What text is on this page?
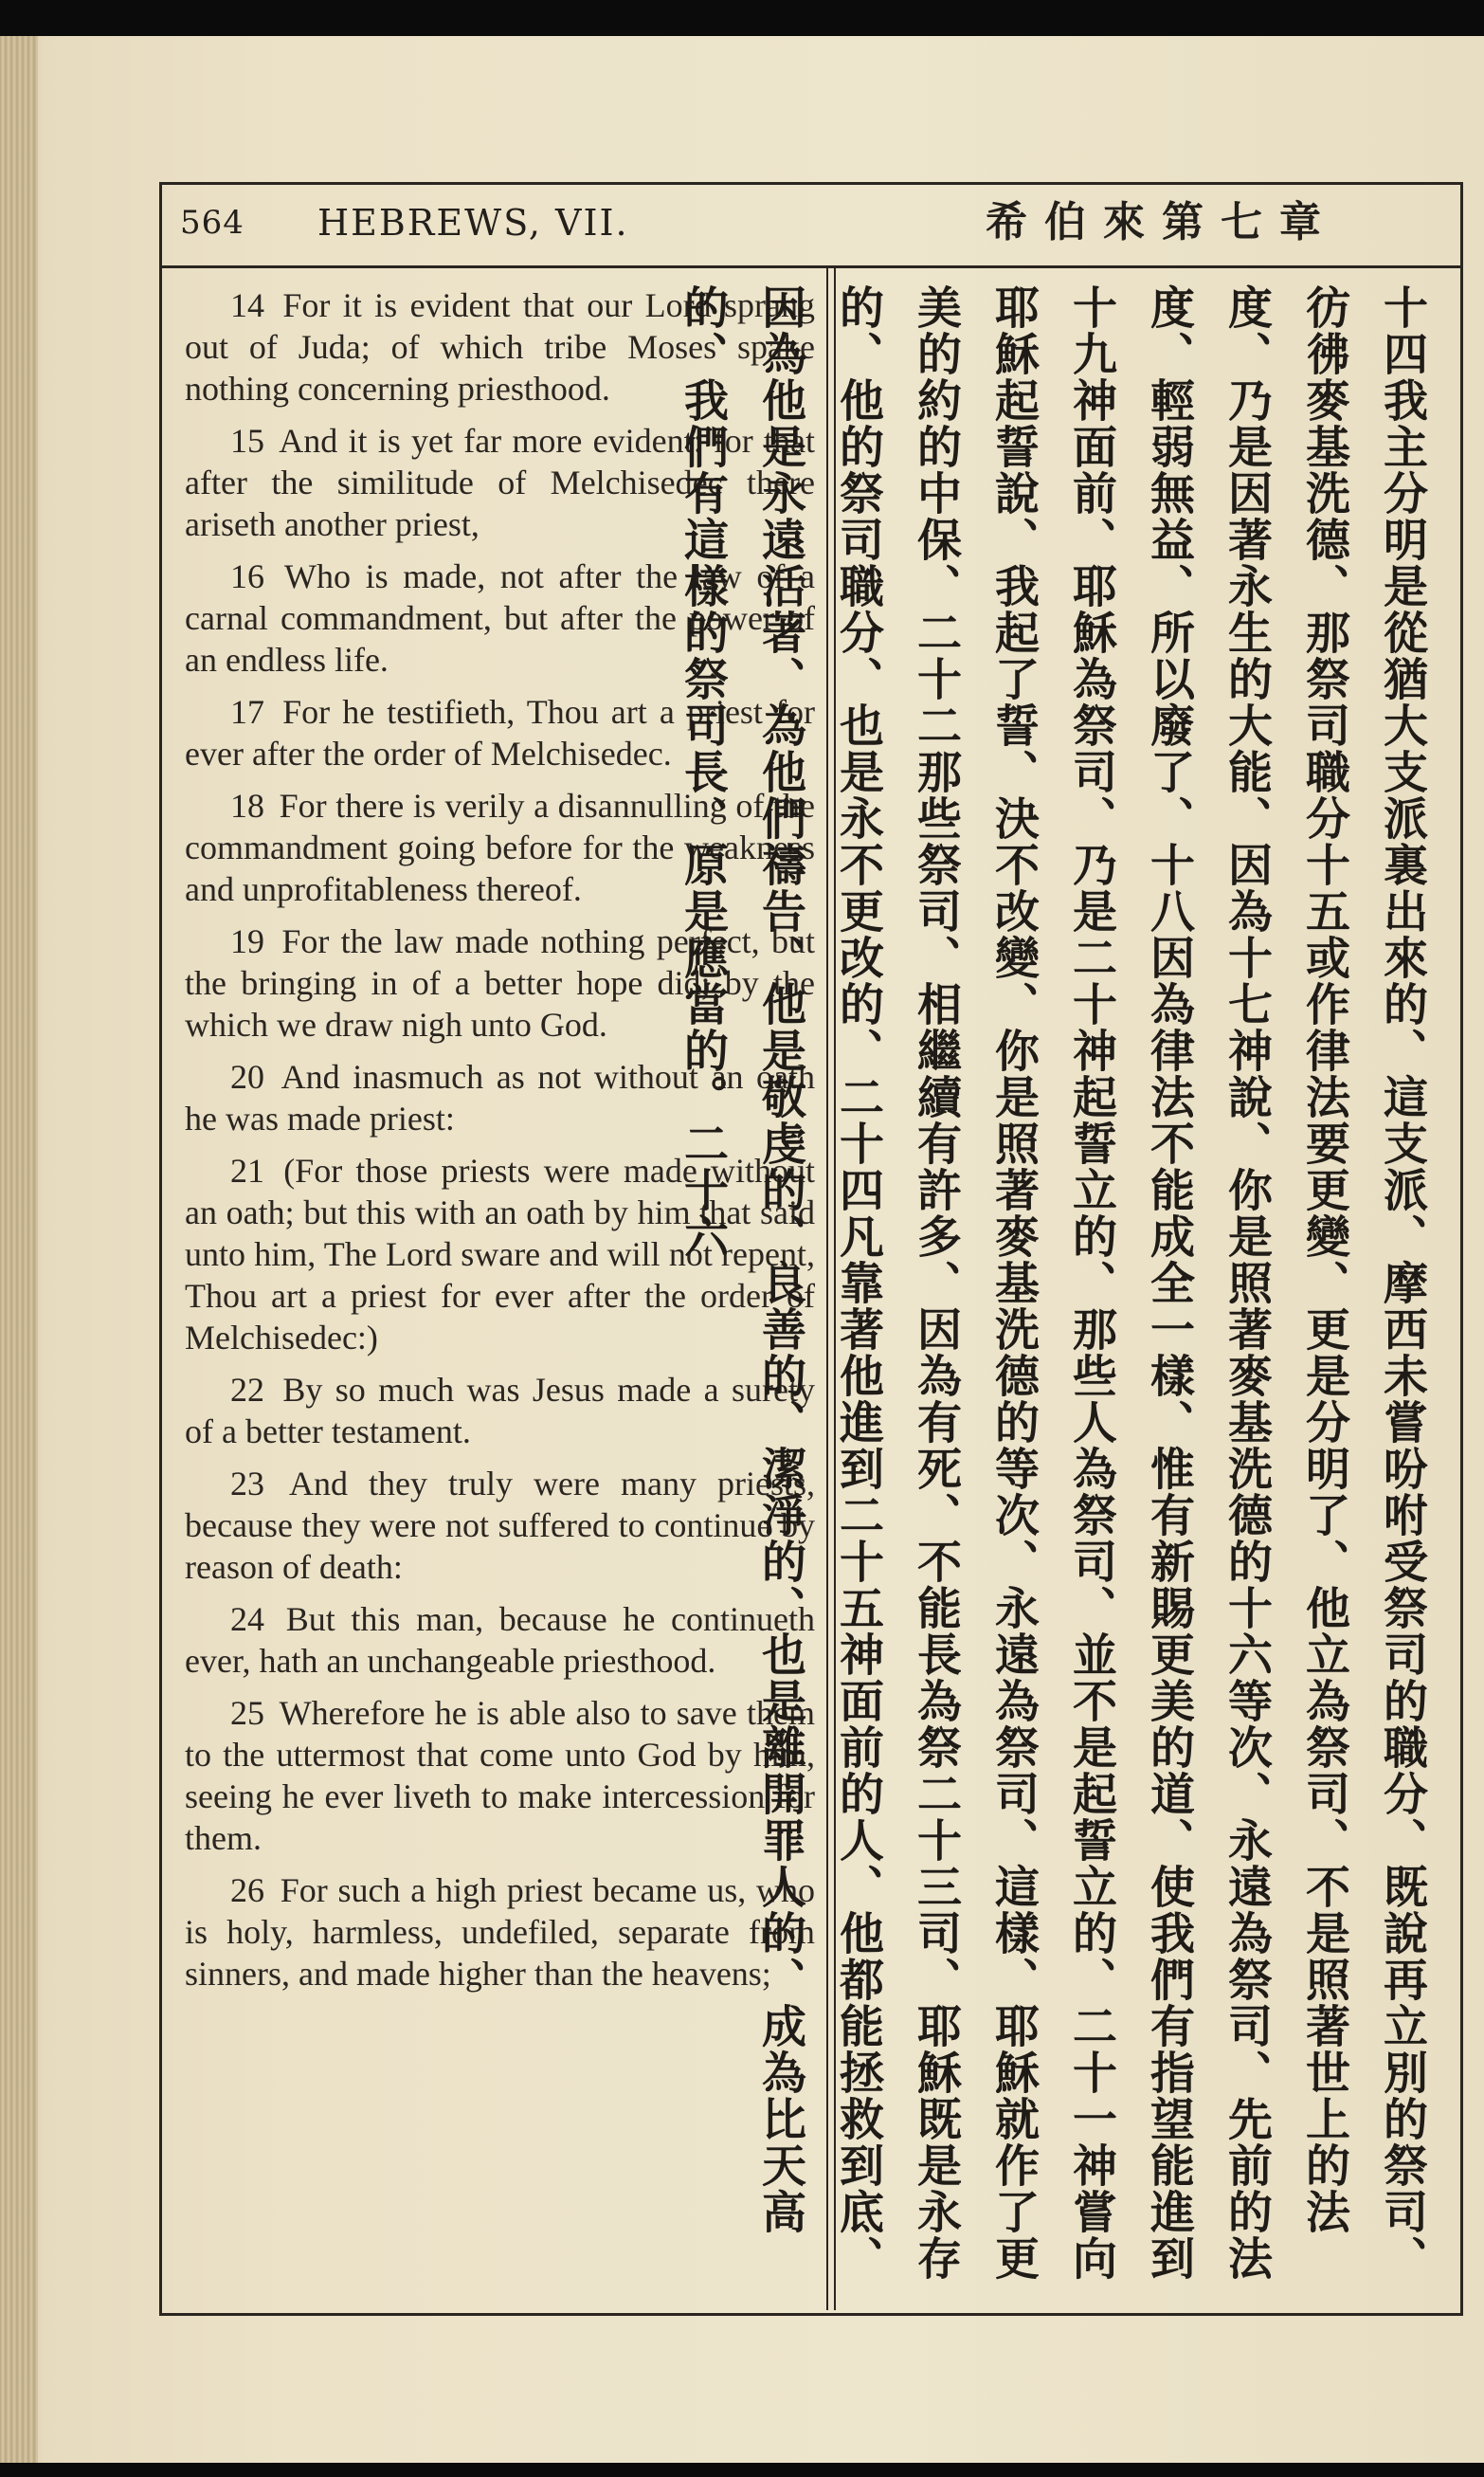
564 HEBREWS, VII.	希伯來第七章

14 For it is evident that our Lord sprang out of Juda; of which tribe Moses spake nothing concerning priesthood.

15 And it is yet far more evident: for that after the similitude of Melchisedec there ariseth another priest,

16 Who is made, not after the law of a carnal commandment, but after the power of an endless life.

17 For he testifieth, Thou art a priest for ever after the order of Melchisedec.

18 For there is verily a disannulling of the commandment going before for the weakness and unprofitableness thereof.

19 For the law made nothing perfect, but the bringing in of a better hope did; by the which we draw nigh unto God.

20 And inasmuch as not without an oath he was made priest:

21 (For those priests were made without an oath; but this with an oath by him that said unto him, The Lord sware and will not repent, Thou art a priest for ever after the order of Melchisedec:)

22 By so much was Jesus made a surety of a better testament.

23 And they truly were many priests, because they were not suffered to continue by reason of death:

24 But this man, because he continueth ever, hath an unchangeable priesthood.

25 Wherefore he is able also to save them to the uttermost that come unto God by him, seeing he ever liveth to make intercession for them.

26 For such a high priest became us, who is holy, harmless, undefiled, separate from sinners, and made higher than the heavens;	十四我主分明是從猶大支派裏出來的、這支派、摩西未嘗吩咐受祭司的職分、既說再立別的祭司、彷彿麥基洗德、那祭司職分十五或作律法要更變、更是分明了、他立為祭司、不是照著世上的法度、乃是因著永生的大能、因為十七神說、你是照著麥基洗德的十六等次、永遠為祭司、先前的法度、輕弱無益、所以廢了、十八因為律法不能成全一樣、惟有新賜更美的道、使我們有指望能進到十九神面前、耶穌為祭司、乃是二十神起誓立的、那些人為祭司、並不是起誓立的、二十一神嘗向耶穌起誓說、我起了誓、決不改變、你是照著麥基洗德的等次、永遠為祭司、這樣、耶穌就作了更美的約的中保、二十二那些祭司、相繼續有許多、因為有死、不能長為祭二十三司、耶穌既是永存的、他的祭司職分、也是永不更改的、二十四凡靠著他進到二十五神面前的人、他都能拯救到底、因為他是永遠活著、為他們禱告、他是敬虔的、良善的、潔淨的、也是離開罪人的、成為比天高的、我們有這樣的祭司長、原是應當的。二十六
